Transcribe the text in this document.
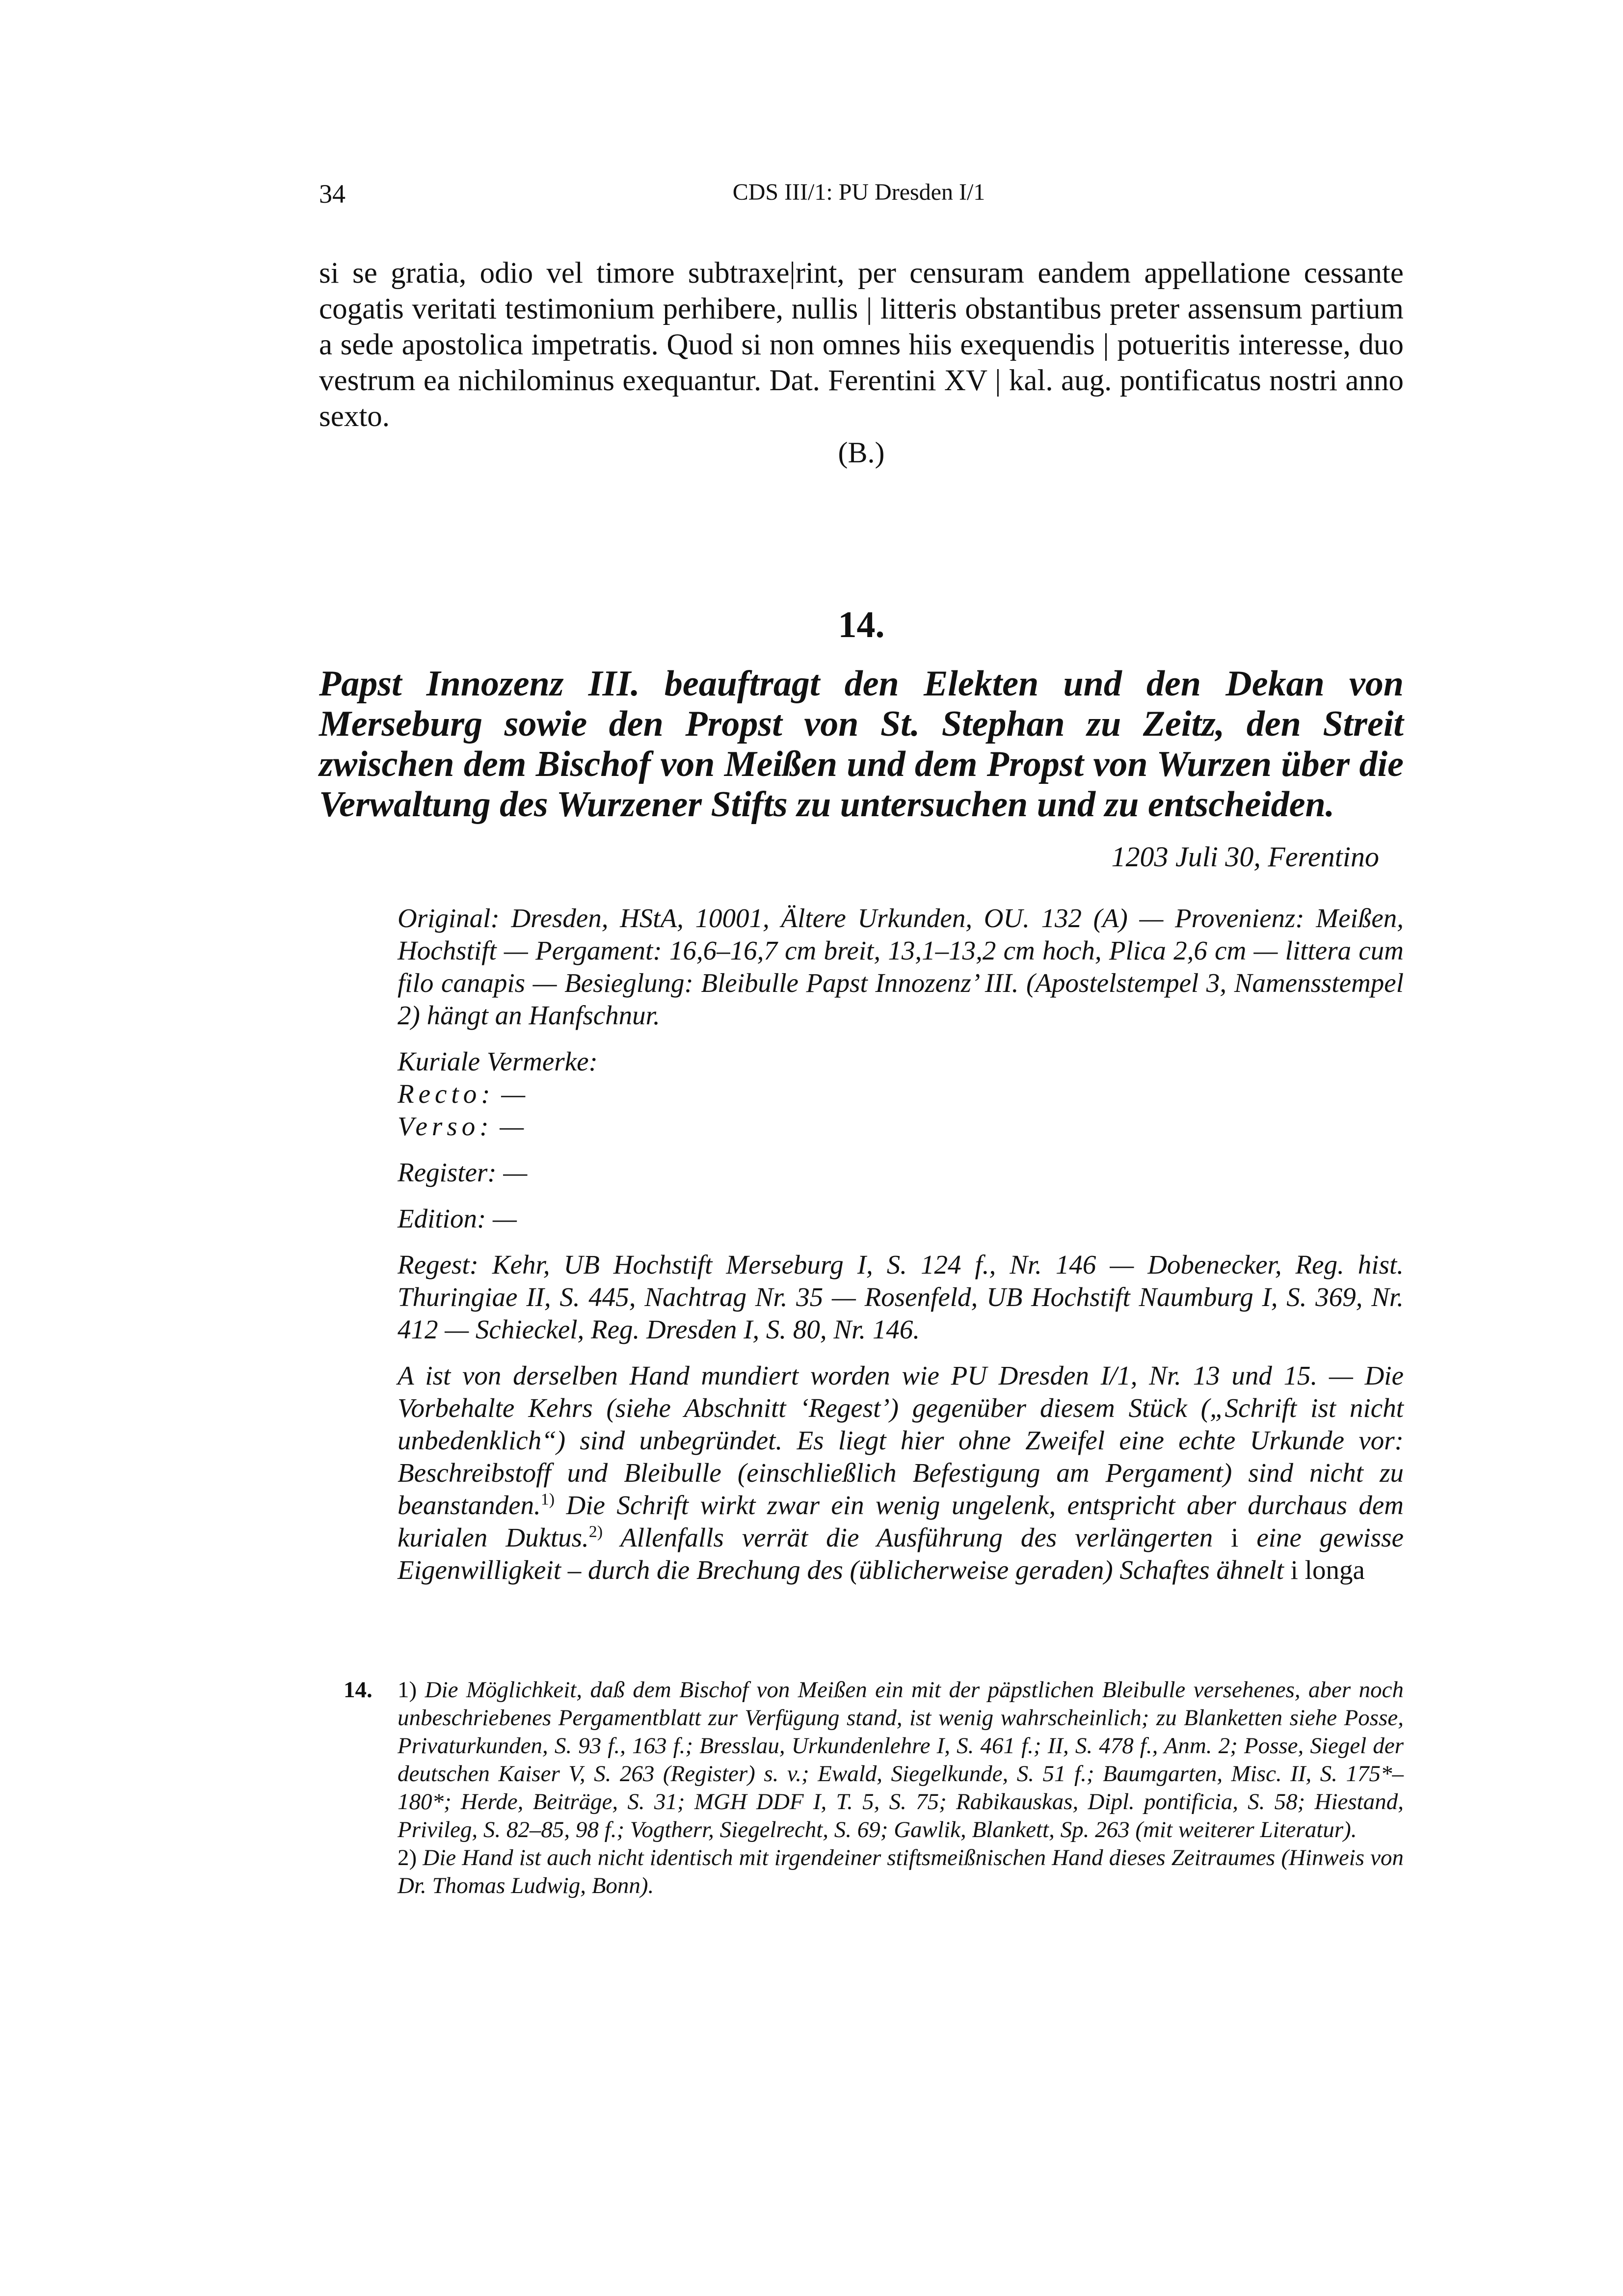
34	CDS III/1: PU Dresden I/1

si se gratia, odio vel timore subtraxe|rint, per censuram eandem appellatione cessante cogatis veritati testimonium perhibere, nullis | litteris obstantibus preter assensum partium a sede apostolica impetratis. Quod si non omnes hiis exequendis | potueritis interesse, duo vestrum ea nichilominus exequantur. Dat. Ferentini XV | kal. aug. pontificatus nostri anno sexto.

(B.)
14.
Papst Innozenz III. beauftragt den Elekten und den Dekan von Merseburg sowie den Propst von St. Stephan zu Zeitz, den Streit zwischen dem Bischof von Meißen und dem Propst von Wurzen über die Verwaltung des Wurzener Stifts zu untersuchen und zu entscheiden.
1203 Juli 30, Ferentino

Original: Dresden, HStA, 10001, Ältere Urkunden, OU. 132 (A) — Provenienz: Meißen, Hochstift — Pergament: 16,6–16,7 cm breit, 13,1–13,2 cm hoch, Plica 2,6 cm — littera cum filo canapis — Besieglung: Bleibulle Papst Innozenz’ III. (Apostelstempel 3, Namensstempel 2) hängt an Hanfschnur.

Kuriale Vermerke:
Recto: —
Verso: —

Register: —

Edition: —

Regest: Kehr, UB Hochstift Merseburg I, S. 124 f., Nr. 146 — Dobenecker, Reg. hist. Thuringiae II, S. 445, Nachtrag Nr. 35 — Rosenfeld, UB Hochstift Naumburg I, S. 369, Nr. 412 — Schieckel, Reg. Dresden I, S. 80, Nr. 146.

A ist von derselben Hand mundiert worden wie PU Dresden I/1, Nr. 13 und 15. — Die Vorbehalte Kehrs (siehe Abschnitt ‘Regest’) gegenüber diesem Stück („Schrift ist nicht unbedenklich“) sind unbegründet. Es liegt hier ohne Zweifel eine echte Urkunde vor: Beschreibstoff und Bleibulle (einschließlich Befestigung am Pergament) sind nicht zu beanstanden.$^{1)}$ Die Schrift wirkt zwar ein wenig ungelenk, entspricht aber durchaus dem kurialen Duktus.$^{2)}$ Allenfalls verrät die Ausführung des verlängerten i eine gewisse Eigenwilligkeit – durch die Brechung des (üblicherweise geraden) Schaftes ähnelt i longa

14. 1) Die Möglichkeit, daß dem Bischof von Meißen ein mit der päpstlichen Bleibulle versehenes, aber noch unbeschriebenes Pergamentblatt zur Verfügung stand, ist wenig wahrscheinlich; zu Blanketten siehe Posse, Privaturkunden, S. 93 f., 163 f.; Bresslau, Urkundenlehre I, S. 461 f.; II, S. 478 f., Anm. 2; Posse, Siegel der deutschen Kaiser V, S. 263 (Register) s. v.; Ewald, Siegelkunde, S. 51 f.; Baumgarten, Misc. II, S. 175*–180*; Herde, Beiträge, S. 31; MGH DDF I, T. 5, S. 75; Rabikauskas, Dipl. pontificia, S. 58; Hiestand, Privileg, S. 82–85, 98 f.; Vogtherr, Siegelrecht, S. 69; Gawlik, Blankett, Sp. 263 (mit weiterer Literatur).

2) Die Hand ist auch nicht identisch mit irgendeiner stiftsmeißnischen Hand dieses Zeitraumes (Hinweis von Dr. Thomas Ludwig, Bonn).
